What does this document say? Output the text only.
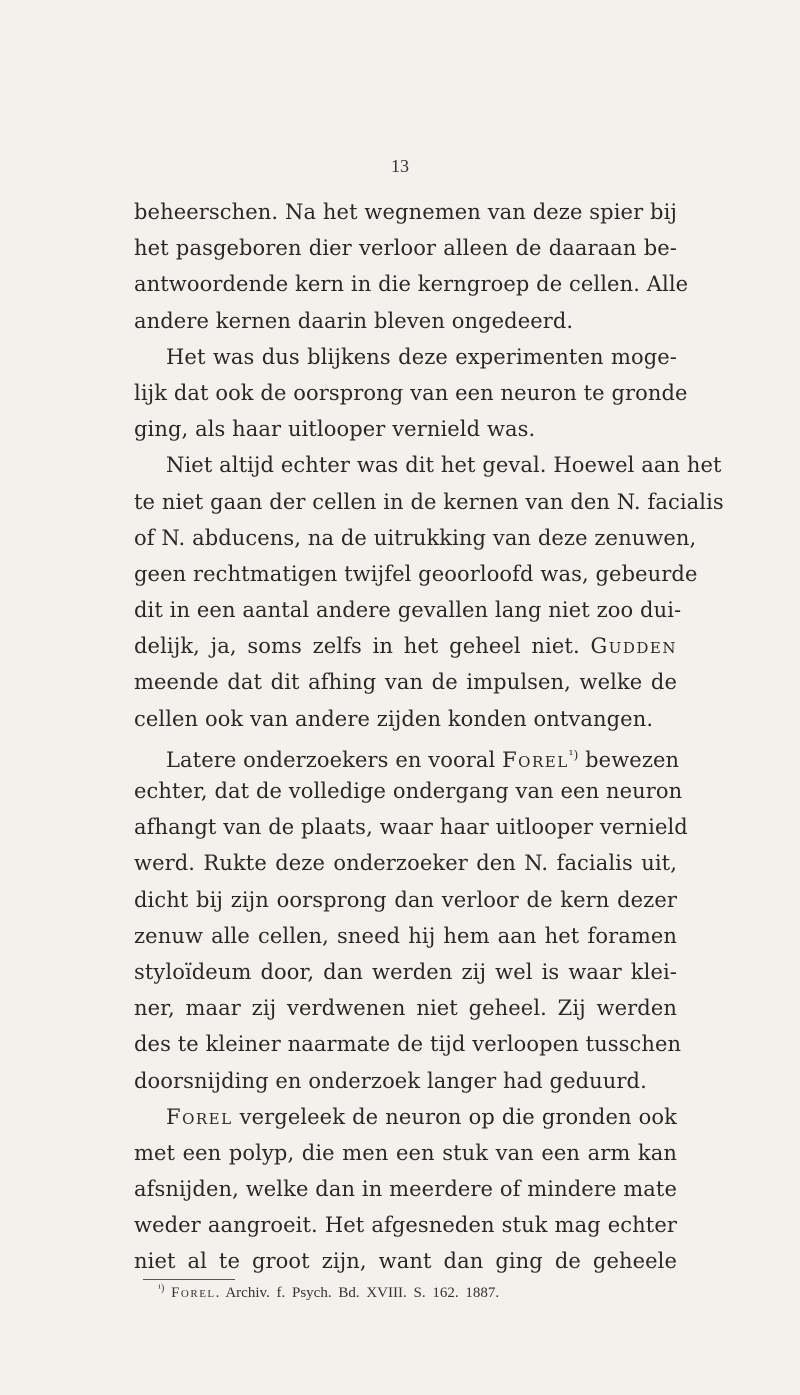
13
beheerschen. Na het wegnemen van deze spier bij
het pasgeboren dier verloor alleen de daaraan be-
antwoordende kern in die kerngroep de cellen. Alle
andere kernen daarin bleven ongedeerd.
Het was dus blijkens deze experimenten moge-
lijk dat ook de oorsprong van een neuron te gronde
ging, als haar uitlooper vernield was.
Niet altijd echter was dit het geval. Hoewel aan het
te niet gaan der cellen in de kernen van den N. facialis
of N. abducens, na de uitrukking van deze zenuwen,
geen rechtmatigen twijfel geoorloofd was, gebeurde
dit in een aantal andere gevallen lang niet zoo dui-
delijk, ja, soms zelfs in het geheel niet. Gudden
meende dat dit afhing van de impulsen, welke de
cellen ook van andere zijden konden ontvangen.
Latere onderzoekers en vooral Forel$^{^1)}$ bewezen
echter, dat de volledige ondergang van een neuron
afhangt van de plaats, waar haar uitlooper vernield
werd. Rukte deze onderzoeker den N. facialis uit,
dicht bij zijn oorsprong dan verloor de kern dezer
zenuw alle cellen, sneed hij hem aan het foramen
styloïdeum door, dan werden zij wel is waar klei-
ner, maar zij verdwenen niet geheel. Zij werden
des te kleiner naarmate de tijd verloopen tusschen
doorsnijding en onderzoek langer had geduurd.
Forel vergeleek de neuron op die gronden ook
met een polyp, die men een stuk van een arm kan
afsnijden, welke dan in meerdere of mindere mate
weder aangroeit. Het afgesneden stuk mag echter
niet al te groot zijn, want dan ging de geheele
$^{^1)}$ Forel. Archiv. f. Psych. Bd. XVIII. S. 162. 1887.
